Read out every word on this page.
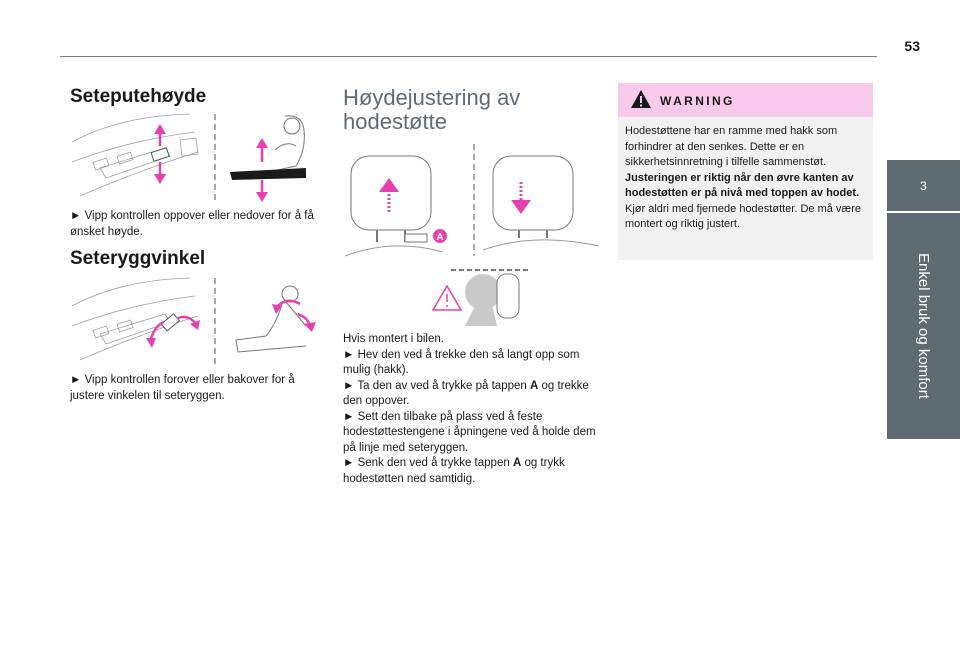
53
3
Enkel bruk og komfort
Seteputehøyde

► Vipp kontrollen oppover eller nedover for å få ønsket høyde.

Seteryggvinkel

► Vipp kontrollen forover eller bakover for å justere vinkelen til seteryggen.

Høydejustering av
hodestøtte
A

Hvis montert i bilen.

► Hev den ved å trekke den så langt opp som mulig (hakk).

► Ta den av ved å trykke på tappen A og trekke den oppover.

► Sett den tilbake på plass ved å feste hodestøttestengene i åpningene ved å holde dem på linje med seteryggen.

► Senk den ved å trykke tappen A og trykk hodestøtten ned samtidig.

WARNING

Hodestøttene har en ramme med hakk som forhindrer at den senkes. Dette er en sikkerhetsinnretning i tilfelle sammenstøt.

Justeringen er riktig når den øvre kanten av hodestøtten er på nivå med toppen av hodet.

Kjør aldri med fjernede hodestøtter. De må være montert og riktig justert.
